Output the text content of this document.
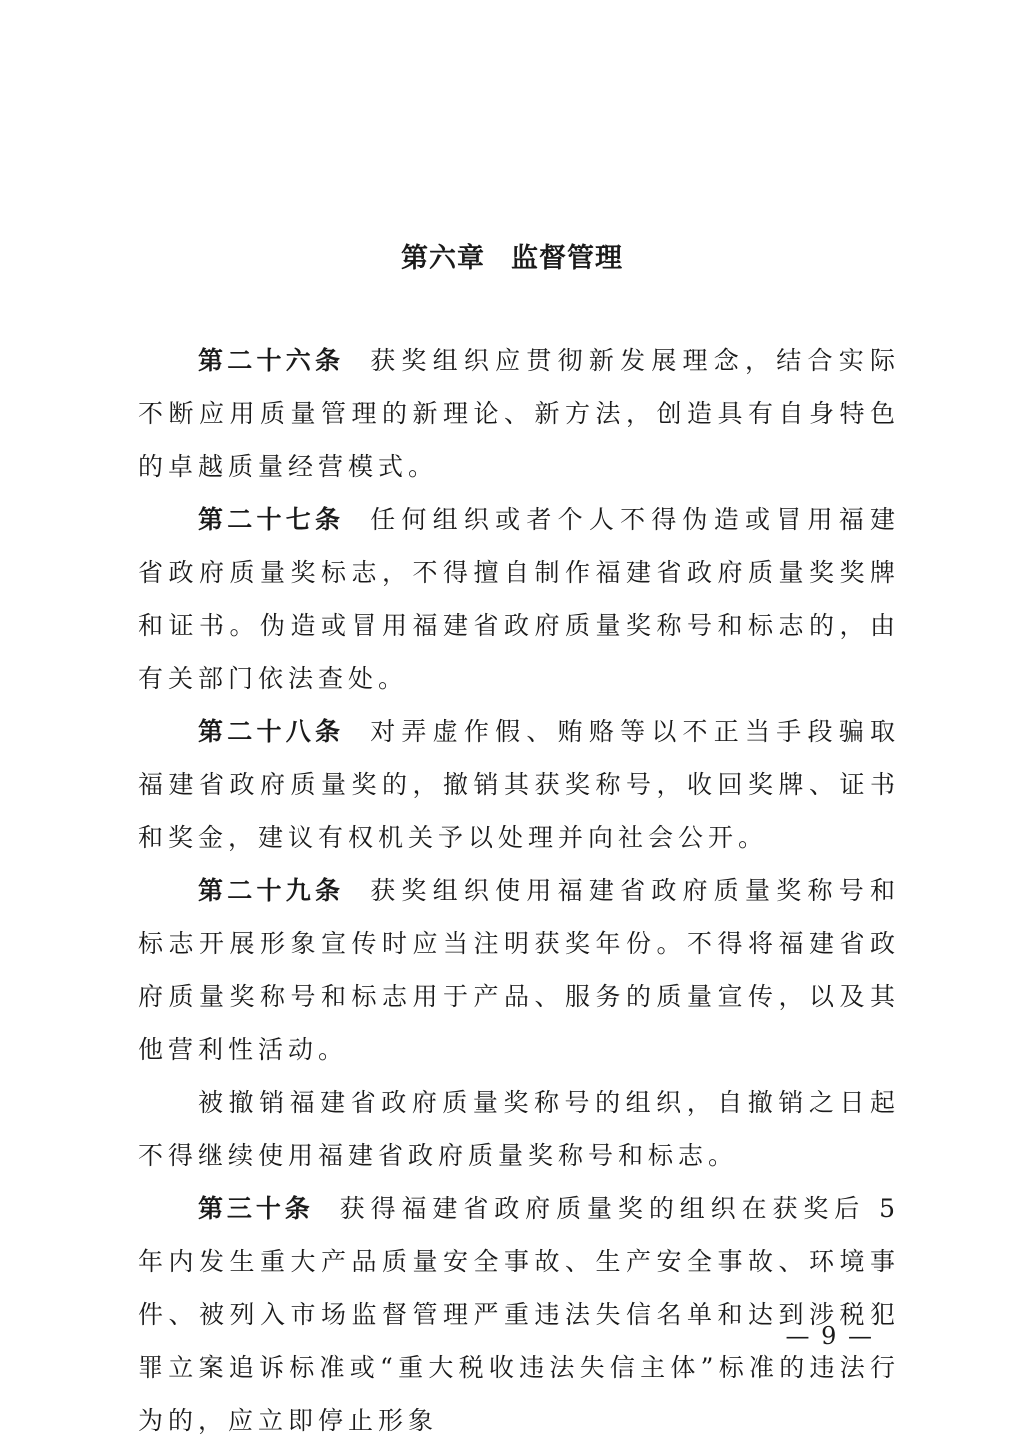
第六章 监督管理

第二十六条 获奖组织应贯彻新发展理念，结合实际不断应用质量管理的新理论、新方法，创造具有自身特色的卓越质量经营模式。

第二十七条 任何组织或者个人不得伪造或冒用福建省政府质量奖标志，不得擅自制作福建省政府质量奖奖牌和证书。伪造或冒用福建省政府质量奖称号和标志的，由有关部门依法查处。

第二十八条 对弄虚作假、贿赂等以不正当手段骗取福建省政府质量奖的，撤销其获奖称号，收回奖牌、证书和奖金，建议有权机关予以处理并向社会公开。

第二十九条 获奖组织使用福建省政府质量奖称号和标志开展形象宣传时应当注明获奖年份。不得将福建省政府质量奖称号和标志用于产品、服务的质量宣传，以及其他营利性活动。

被撤销福建省政府质量奖称号的组织，自撤销之日起不得继续使用福建省政府质量奖称号和标志。

第三十条 获得福建省政府质量奖的组织在获奖后 5 年内发生重大产品质量安全事故、生产安全事故、环境事件、被列入市场监督管理严重违法失信名单和达到涉税犯罪立案追诉标准或“重大税收违法失信主体”标准的违法行为的，应立即停止形象

— 9 —
